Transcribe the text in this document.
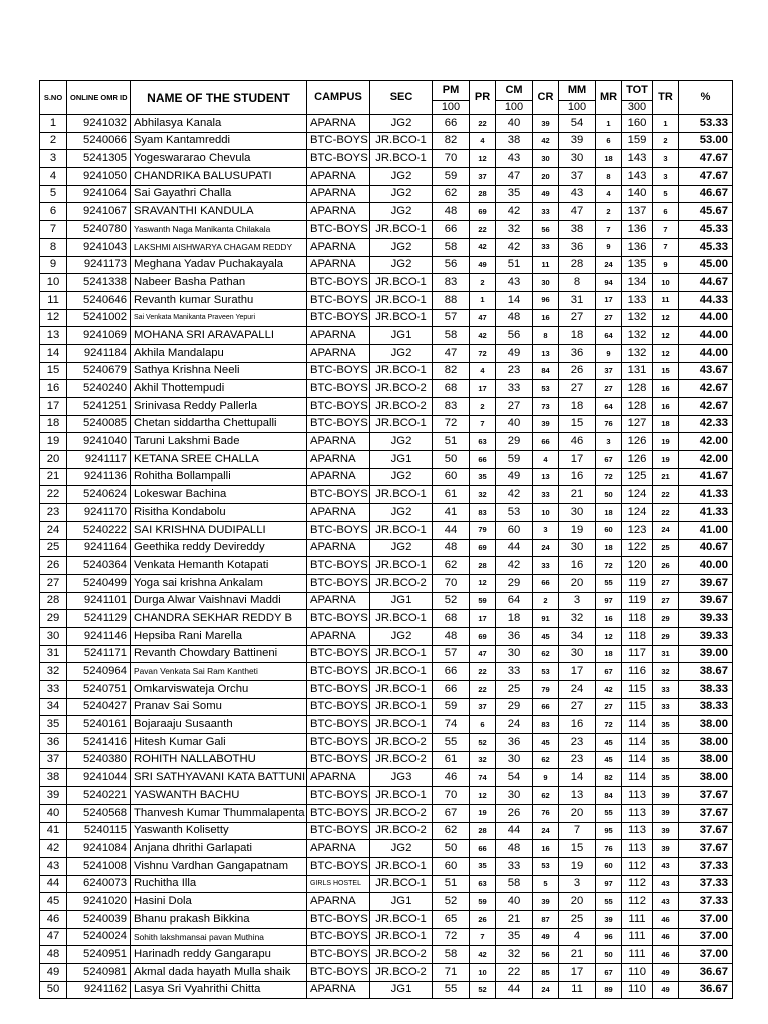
S.NO	ONLINE OMR ID	NAME OF THE STUDENT	CAMPUS	SEC	PM	PR	CM	CR	MM	MR	TOT	TR	%
					100		100		100		300		
1	9241032	Abhilasya Kanala	APARNA	JG2	66	22	40	39	54	1	160	1	53.33
2	5240066	Syam Kantamreddi	BTC-BOYS	JR.BCO-1	82	4	38	42	39	6	159	2	53.00
3	5241305	Yogeswararao Chevula	BTC-BOYS	JR.BCO-1	70	12	43	30	30	18	143	3	47.67
4	9241050	CHANDRIKA BALUSUPATI	APARNA	JG2	59	37	47	20	37	8	143	3	47.67
5	9241064	Sai Gayathri Challa	APARNA	JG2	62	28	35	49	43	4	140	5	46.67
6	9241067	SRAVANTHI KANDULA	APARNA	JG2	48	69	42	33	47	2	137	6	45.67
7	5240780	Yaswanth Naga Manikanta Chilakala	BTC-BOYS	JR.BCO-1	66	22	32	56	38	7	136	7	45.33
8	9241043	LAKSHMI AISHWARYA CHAGAM REDDY	APARNA	JG2	58	42	42	33	36	9	136	7	45.33
9	9241173	Meghana Yadav Puchakayala	APARNA	JG2	56	49	51	11	28	24	135	9	45.00
10	5241338	Nabeer Basha Pathan	BTC-BOYS	JR.BCO-1	83	2	43	30	8	94	134	10	44.67
11	5240646	Revanth kumar Surathu	BTC-BOYS	JR.BCO-1	88	1	14	96	31	17	133	11	44.33
12	5241002	Sai Venkata Manikanta Praveen Yepuri	BTC-BOYS	JR.BCO-1	57	47	48	16	27	27	132	12	44.00
13	9241069	MOHANA SRI ARAVAPALLI	APARNA	JG1	58	42	56	8	18	64	132	12	44.00
14	9241184	Akhila Mandalapu	APARNA	JG2	47	72	49	13	36	9	132	12	44.00
15	5240679	Sathya Krishna Neeli	BTC-BOYS	JR.BCO-1	82	4	23	84	26	37	131	15	43.67
16	5240240	Akhil Thottempudi	BTC-BOYS	JR.BCO-2	68	17	33	53	27	27	128	16	42.67
17	5241251	Srinivasa Reddy Pallerla	BTC-BOYS	JR.BCO-2	83	2	27	73	18	64	128	16	42.67
18	5240085	Chetan siddartha Chettupalli	BTC-BOYS	JR.BCO-1	72	7	40	39	15	76	127	18	42.33
19	9241040	Taruni Lakshmi Bade	APARNA	JG2	51	63	29	66	46	3	126	19	42.00
20	9241117	KETANA SREE CHALLA	APARNA	JG1	50	66	59	4	17	67	126	19	42.00
21	9241136	Rohitha Bollampalli	APARNA	JG2	60	35	49	13	16	72	125	21	41.67
22	5240624	Lokeswar Bachina	BTC-BOYS	JR.BCO-1	61	32	42	33	21	50	124	22	41.33
23	9241170	Risitha Kondabolu	APARNA	JG2	41	83	53	10	30	18	124	22	41.33
24	5240222	SAI KRISHNA DUDIPALLI	BTC-BOYS	JR.BCO-1	44	79	60	3	19	60	123	24	41.00
25	9241164	Geethika reddy Devireddy	APARNA	JG2	48	69	44	24	30	18	122	25	40.67
26	5240364	Venkata Hemanth Kotapati	BTC-BOYS	JR.BCO-1	62	28	42	33	16	72	120	26	40.00
27	5240499	Yoga sai krishna Ankalam	BTC-BOYS	JR.BCO-2	70	12	29	66	20	55	119	27	39.67
28	9241101	Durga Alwar Vaishnavi Maddi	APARNA	JG1	52	59	64	2	3	97	119	27	39.67
29	5241129	CHANDRA SEKHAR REDDY B	BTC-BOYS	JR.BCO-1	68	17	18	91	32	16	118	29	39.33
30	9241146	Hepsiba Rani Marella	APARNA	JG2	48	69	36	45	34	12	118	29	39.33
31	5241171	Revanth Chowdary Battineni	BTC-BOYS	JR.BCO-1	57	47	30	62	30	18	117	31	39.00
32	5240964	Pavan Venkata Sai Ram Kantheti	BTC-BOYS	JR.BCO-1	66	22	33	53	17	67	116	32	38.67
33	5240751	Omkarviswateja Orchu	BTC-BOYS	JR.BCO-1	66	22	25	79	24	42	115	33	38.33
34	5240427	Pranav Sai Somu	BTC-BOYS	JR.BCO-1	59	37	29	66	27	27	115	33	38.33
35	5240161	Bojaraaju Susaanth	BTC-BOYS	JR.BCO-1	74	6	24	83	16	72	114	35	38.00
36	5241416	Hitesh Kumar Gali	BTC-BOYS	JR.BCO-2	55	52	36	45	23	45	114	35	38.00
37	5240380	ROHITH NALLABOTHU	BTC-BOYS	JR.BCO-2	61	32	30	62	23	45	114	35	38.00
38	9241044	SRI SATHYAVANI KATA BATTUNI	APARNA	JG3	46	74	54	9	14	82	114	35	38.00
39	5240221	YASWANTH BACHU	BTC-BOYS	JR.BCO-1	70	12	30	62	13	84	113	39	37.67
40	5240568	Thanvesh Kumar Thummalapenta	BTC-BOYS	JR.BCO-2	67	19	26	76	20	55	113	39	37.67
41	5240115	Yaswanth Kolisetty	BTC-BOYS	JR.BCO-2	62	28	44	24	7	95	113	39	37.67
42	9241084	Anjana dhrithi Garlapati	APARNA	JG2	50	66	48	16	15	76	113	39	37.67
43	5241008	Vishnu Vardhan Gangapatnam	BTC-BOYS	JR.BCO-1	60	35	33	53	19	60	112	43	37.33
44	6240073	Ruchitha Illa	GIRLS HOSTEL	JR.BCO-1	51	63	58	5	3	97	112	43	37.33
45	9241020	Hasini Dola	APARNA	JG1	52	59	40	39	20	55	112	43	37.33
46	5240039	Bhanu prakash Bikkina	BTC-BOYS	JR.BCO-1	65	26	21	87	25	39	111	46	37.00
47	5240024	Sohith lakshmansai pavan Muthina	BTC-BOYS	JR.BCO-1	72	7	35	49	4	96	111	46	37.00
48	5240951	Harinadh reddy Gangarapu	BTC-BOYS	JR.BCO-2	58	42	32	56	21	50	111	46	37.00
49	5240981	Akmal dada hayath Mulla shaik	BTC-BOYS	JR.BCO-2	71	10	22	85	17	67	110	49	36.67
50	9241162	Lasya Sri Vyahrithi Chitta	APARNA	JG1	55	52	44	24	11	89	110	49	36.67
